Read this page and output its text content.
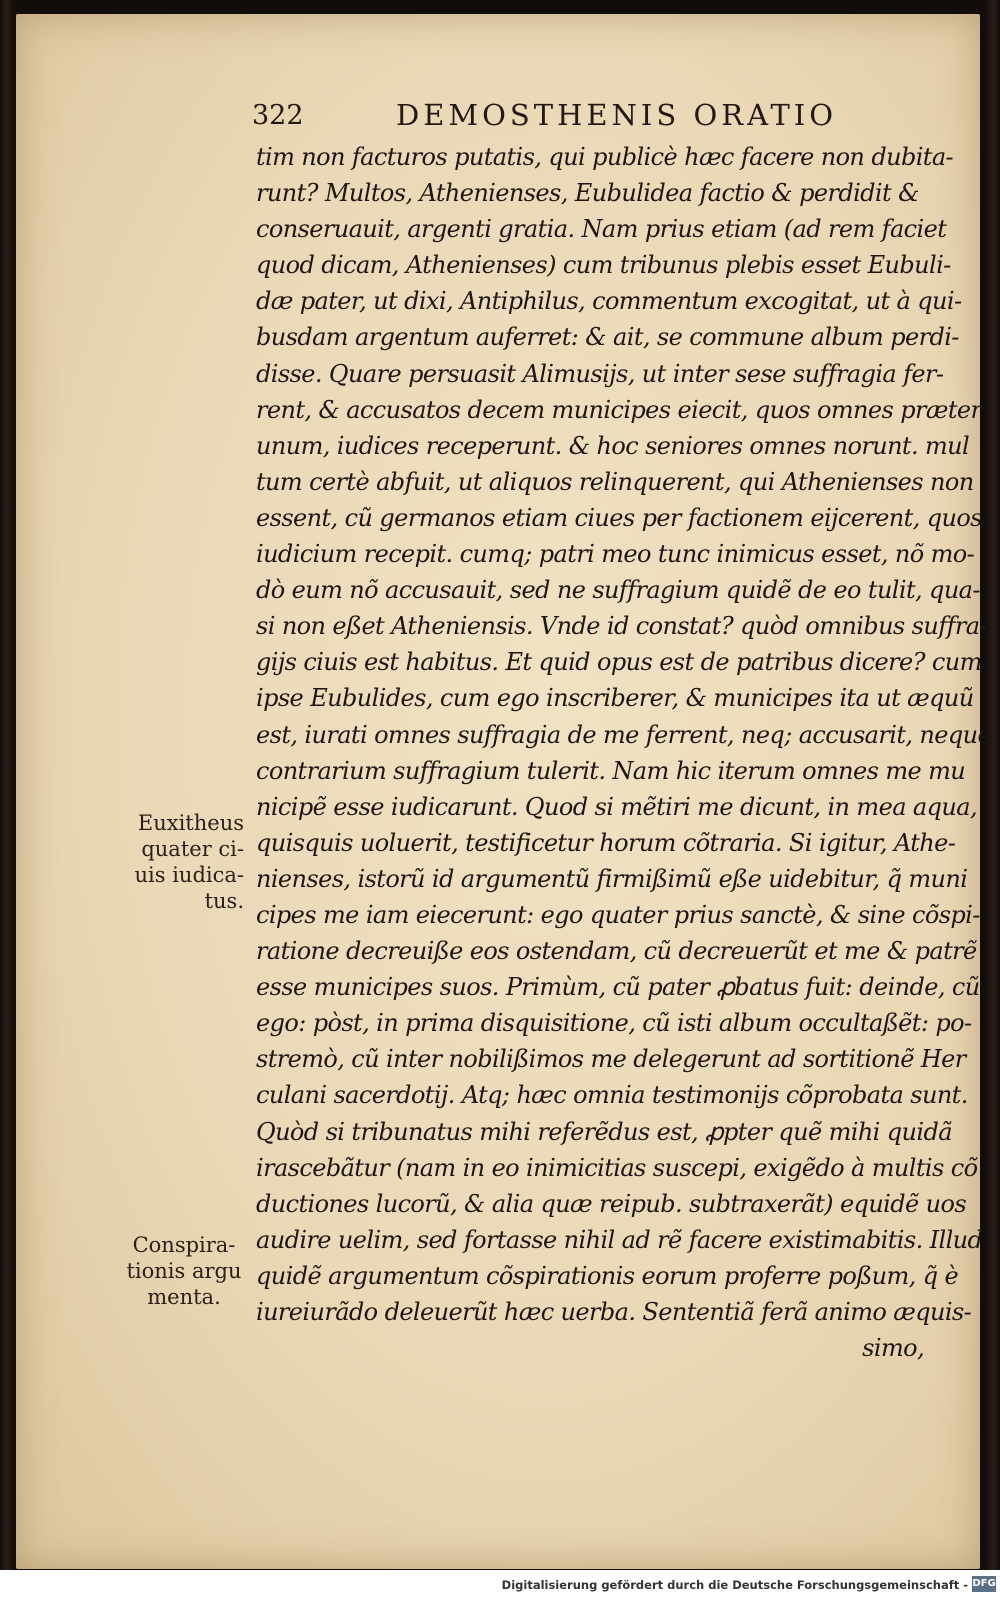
322	DEMOSTHENIS ORATIO
tim non facturos putatis, qui publicè hæc facere non dubita-
runt? Multos, Athenienses, Eubulidea factio & perdidit &
conseruauit, argenti gratia. Nam prius etiam (ad rem faciet
quod dicam, Athenienses) cum tribunus plebis esset Eubuli-
dæ pater, ut dixi, Antiphilus, commentum excogitat, ut à qui-
busdam argentum auferret: & ait, se commune album perdi-
disse. Quare persuasit Alimusijs, ut inter sese suffragia fer-
rent, & accusatos decem municipes eiecit, quos omnes præter
unum, iudices receperunt. & hoc seniores omnes norunt. mul
tum certè abfuit, ut aliquos relinquerent, qui Athenienses non
essent, cũ germanos etiam ciues per factionem eijcerent, quos
iudicium recepit. cumq; patri meo tunc inimicus esset, nõ mo-
dò eum nõ accusauit, sed ne suffragium quidẽ de eo tulit, qua-
si non eßet Atheniensis. Vnde id constat? quòd omnibus suffra-
gijs ciuis est habitus. Et quid opus est de patribus dicere? cum
ipse Eubulides, cum ego inscriberer, & municipes ita ut æquũ
est, iurati omnes suffragia de me ferrent, neq; accusarit, neque
contrarium suffragium tulerit. Nam hic iterum omnes me mu
nicipẽ esse iudicarunt. Quod si mẽtiri me dicunt, in mea aqua,
quisquis uoluerit, testificetur horum cõtraria. Si igitur, Athe-
nienses, istorũ id argumentũ firmißimũ eße uidebitur, q̃ muni
cipes me iam eiecerunt: ego quater prius sanctè, & sine cõspi-
ratione decreuiße eos ostendam, cũ decreuerũt et me & patrẽ
esse municipes suos. Primùm, cũ pater ꝓbatus fuit: deinde, cũ
ego: pòst, in prima disquisitione, cũ isti album occultaßẽt: po-
stremò, cũ inter nobilißimos me delegerunt ad sortitionẽ Her
culani sacerdotij. Atq; hæc omnia testimonijs cõprobata sunt.
Quòd si tribunatus mihi referẽdus est, ꝓpter quẽ mihi quidã
irascebãtur (nam in eo inimicitias suscepi, exigẽdo à multis cõ
ductiones lucorũ, & alia quæ reipub. subtraxerãt) equidẽ uos
audire uelim, sed fortasse nihil ad rẽ facere existimabitis. Illud
quidẽ argumentum cõspirationis eorum proferre poßum, q̃ è
iureiurãdo deleuerũt hæc uerba. Sententiã ferã animo æquis-
simo,
Euxitheus
quater ci-
uis iudica-
tus.
Conspira-
tionis argu
menta.
Digitalisierung gefördert durch die Deutsche Forschungsgemeinschaft - DFG
